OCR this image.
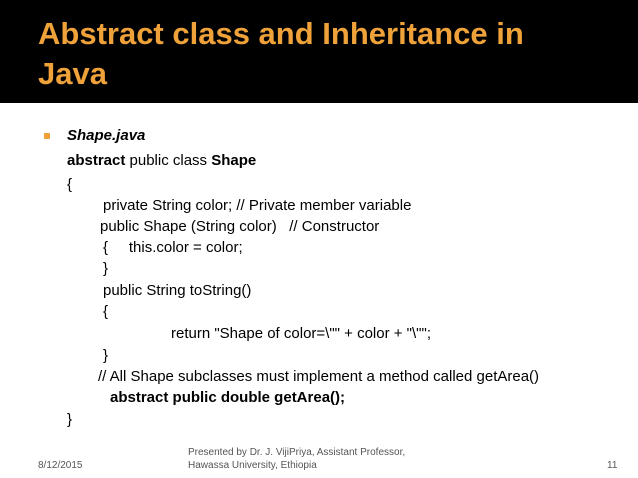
Abstract class and Inheritance in
Java
Shape.java
abstract public class Shape
{
private String color; // Private member variable
public Shape (String color)   // Constructor
{     this.color = color;
}
public String toString()
{
return "Shape of color=\"" + color + "\"";
}
// All Shape subclasses must implement a method called getArea()
abstract public double getArea();
}
8/12/2015
Presented by Dr. J. VijiPriya, Assistant Professor,
Hawassa University, Ethiopia	11
